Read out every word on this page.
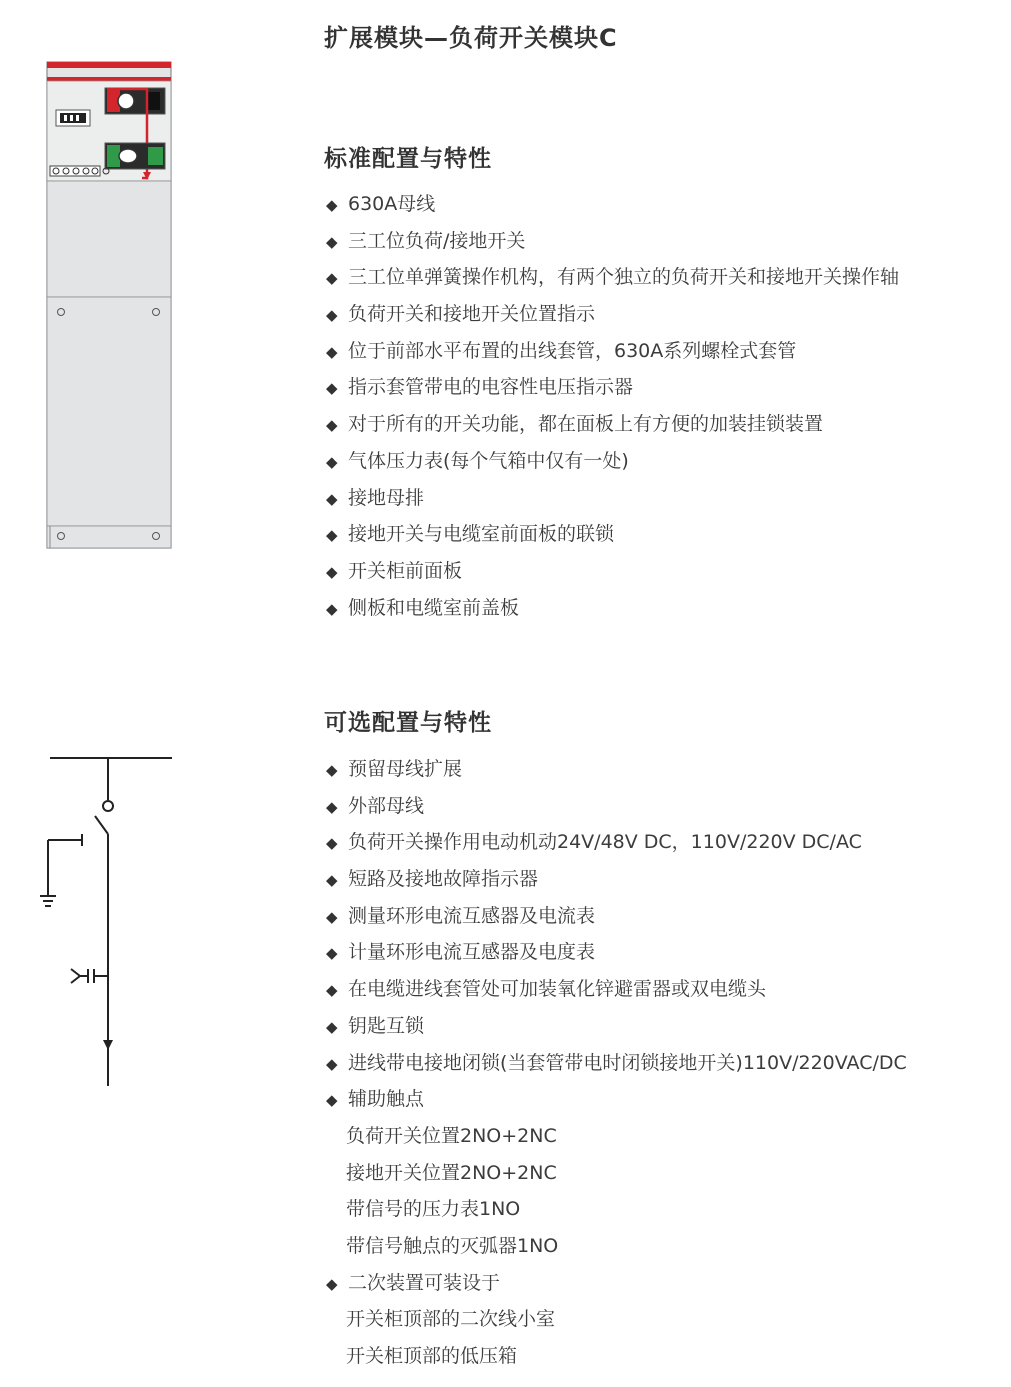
扩展模块—负荷开关模块C
标准配置与特性
◆ 630A母线
◆ 三工位负荷/接地开关
◆ 三工位单弹簧操作机构，有两个独立的负荷开关和接地开关操作轴
◆ 负荷开关和接地开关位置指示
◆ 位于前部水平布置的出线套管，630A系列螺栓式套管
◆ 指示套管带电的电容性电压指示器
◆ 对于所有的开关功能，都在面板上有方便的加装挂锁装置
◆ 气体压力表(每个气箱中仅有一处)
◆ 接地母排
◆ 接地开关与电缆室前面板的联锁
◆ 开关柜前面板
◆ 侧板和电缆室前盖板
可选配置与特性
◆ 预留母线扩展
◆ 外部母线
◆ 负荷开关操作用电动机动24V/48V DC，110V/220V DC/AC
◆ 短路及接地故障指示器
◆ 测量环形电流互感器及电流表
◆ 计量环形电流互感器及电度表
◆ 在电缆进线套管处可加装氧化锌避雷器或双电缆头
◆ 钥匙互锁
◆ 进线带电接地闭锁(当套管带电时闭锁接地开关)110V/220VAC/DC
◆ 辅助触点
负荷开关位置2NO+2NC
接地开关位置2NO+2NC
带信号的压力表1NO
带信号触点的灭弧器1NO
◆ 二次装置可装设于
开关柜顶部的二次线小室
开关柜顶部的低压箱
